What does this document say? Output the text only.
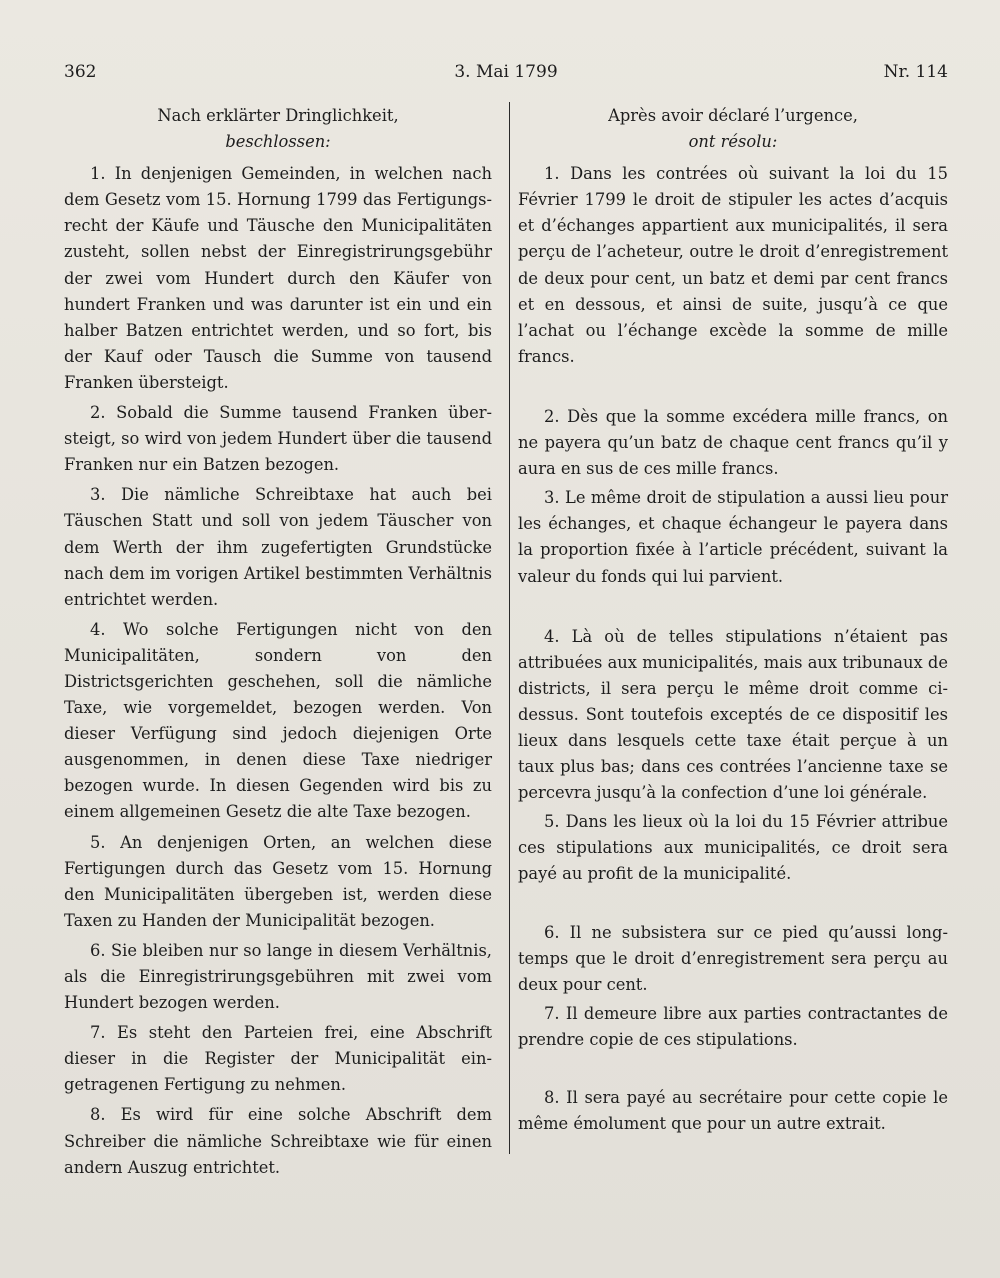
362	3. Mai 1799	Nr. 114
Nach erklärter Dringlichkeit,
beschlossen:

1. In denjenigen Gemeinden, in welchen nach dem Gesetz vom 15. Hornung 1799 das Fertigungsrecht der Käufe und Täusche den Municipalitäten zusteht, sollen nebst der Einregistrirungsgebühr der zwei vom Hundert durch den Käufer von hundert Franken und was darunter ist ein und ein halber Batzen entrichtet werden, und so fort, bis der Kauf oder Tausch die Summe von tausend Franken übersteigt.

2. Sobald die Summe tausend Franken übersteigt, so wird von jedem Hundert über die tausend Franken nur ein Batzen bezogen.

3. Die nämliche Schreibtaxe hat auch bei Täuschen Statt und soll von jedem Täuscher von dem Werth der ihm zugefertigten Grundstücke nach dem im vorigen Artikel bestimmten Verhältnis entrichtet werden.

4. Wo solche Fertigungen nicht von den Municipalitäten, sondern von den Districtsgerichten geschehen, soll die nämliche Taxe, wie vorgemeldet, bezogen werden. Von dieser Verfügung sind jedoch diejenigen Orte ausgenommen, in denen diese Taxe niedriger bezogen wurde. In diesen Gegenden wird bis zu einem allgemeinen Gesetz die alte Taxe bezogen.

5. An denjenigen Orten, an welchen diese Fertigungen durch das Gesetz vom 15. Hornung den Municipalitäten übergeben ist, werden diese Taxen zu Handen der Municipalität bezogen.

6. Sie bleiben nur so lange in diesem Verhältnis, als die Einregistrirungsgebühren mit zwei vom Hundert bezogen werden.

7. Es steht den Parteien frei, eine Abschrift dieser in die Register der Municipalität eingetragenen Fertigung zu nehmen.

8. Es wird für eine solche Abschrift dem Schreiber die nämliche Schreibtaxe wie für einen andern Auszug entrichtet.

Après avoir déclaré l’urgence,
ont résolu:

1. Dans les contrées où suivant la loi du 15 Février 1799 le droit de stipuler les actes d’acquis et d’échanges appartient aux municipalités, il sera perçu de l’acheteur, outre le droit d’enregistrement de deux pour cent, un batz et demi par cent francs et en dessous, et ainsi de suite, jusqu’à ce que l’achat ou l’échange excède la somme de mille francs.

2. Dès que la somme excédera mille francs, on ne payera qu’un batz de chaque cent francs qu’il y aura en sus de ces mille francs.

3. Le même droit de stipulation a aussi lieu pour les échanges, et chaque échangeur le payera dans la proportion fixée à l’article précédent, suivant la valeur du fonds qui lui parvient.

4. Là où de telles stipulations n’étaient pas attribuées aux municipalités, mais aux tribunaux de districts, il sera perçu le même droit comme ci-dessus. Sont toutefois exceptés de ce dispositif les lieux dans lesquels cette taxe était perçue à un taux plus bas; dans ces contrées l’ancienne taxe se percevra jusqu’à la confection d’une loi générale.

5. Dans les lieux où la loi du 15 Février attribue ces stipulations aux municipalités, ce droit sera payé au profit de la municipalité.

6. Il ne subsistera sur ce pied qu’aussi longtemps que le droit d’enregistrement sera perçu au deux pour cent.

7. Il demeure libre aux parties contractantes de prendre copie de ces stipulations.

8. Il sera payé au secrétaire pour cette copie le même émolument que pour un autre extrait.
